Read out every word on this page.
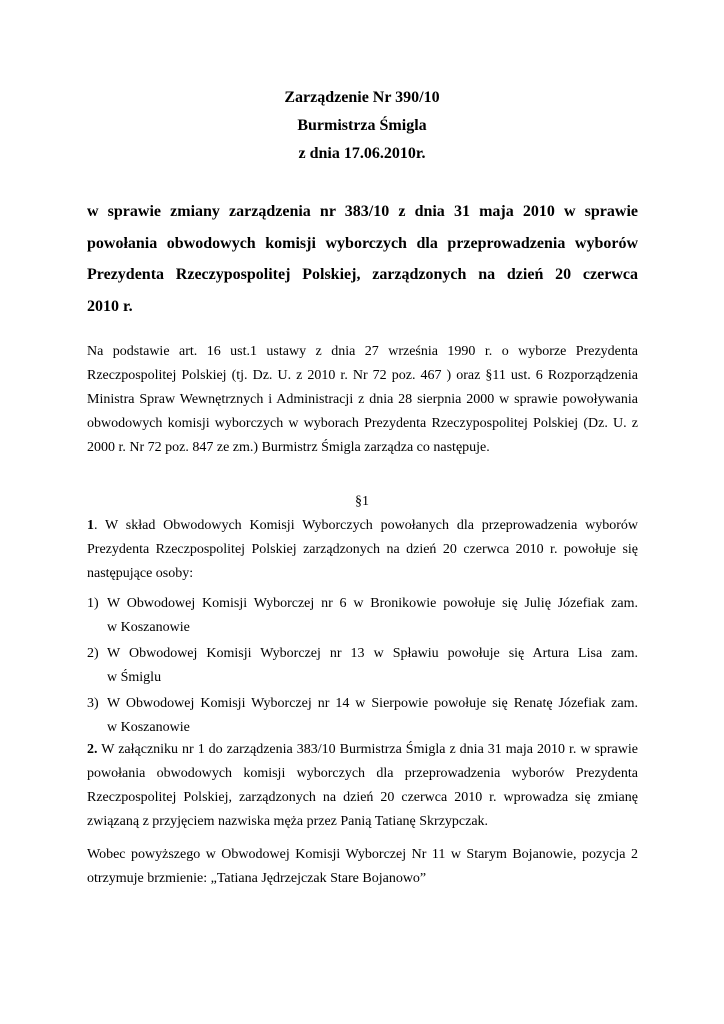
Zarządzenie Nr 390/10
Burmistrza Śmigla
z dnia 17.06.2010r.
w sprawie zmiany zarządzenia nr 383/10 z dnia 31 maja 2010 w sprawie powołania obwodowych komisji wyborczych dla przeprowadzenia wyborów Prezydenta Rzeczypospolitej Polskiej, zarządzonych na dzień 20 czerwca
2010 r.
Na podstawie art. 16 ust.1 ustawy z dnia 27 września 1990 r. o wyborze Prezydenta Rzeczpospolitej Polskiej (tj. Dz. U. z 2010 r. Nr 72 poz. 467 ) oraz §11 ust. 6 Rozporządzenia Ministra Spraw Wewnętrznych i Administracji z dnia 28 sierpnia 2000 w sprawie powoływania obwodowych komisji wyborczych w wyborach Prezydenta Rzeczypospolitej Polskiej (Dz. U. z 2000 r. Nr 72 poz. 847 ze zm.) Burmistrz Śmigla zarządza co następuje.
§1
1. W skład Obwodowych Komisji Wyborczych powołanych dla przeprowadzenia wyborów Prezydenta Rzeczpospolitej Polskiej zarządzonych na dzień 20 czerwca 2010 r. powołuje się następujące osoby:
1) W Obwodowej Komisji Wyborczej nr 6 w Bronikowie powołuje się Julię Józefiak zam.
w Koszanowie
2) W Obwodowej Komisji Wyborczej nr 13 w Spławiu powołuje się Artura Lisa zam.
w Śmiglu
3) W Obwodowej Komisji Wyborczej nr 14 w Sierpowie powołuje się Renatę Józefiak zam.
w Koszanowie
2. W załączniku nr 1 do zarządzenia 383/10 Burmistrza Śmigla z dnia 31 maja 2010 r. w sprawie powołania obwodowych komisji wyborczych dla przeprowadzenia wyborów Prezydenta Rzeczpospolitej Polskiej, zarządzonych na dzień 20 czerwca 2010 r. wprowadza się zmianę związaną z przyjęciem nazwiska męża przez Panią Tatianę Skrzypczak.
Wobec powyższego w Obwodowej Komisji Wyborczej Nr 11 w Starym Bojanowie, pozycja 2 otrzymuje brzmienie: „Tatiana Jędrzejczak Stare Bojanowo”
